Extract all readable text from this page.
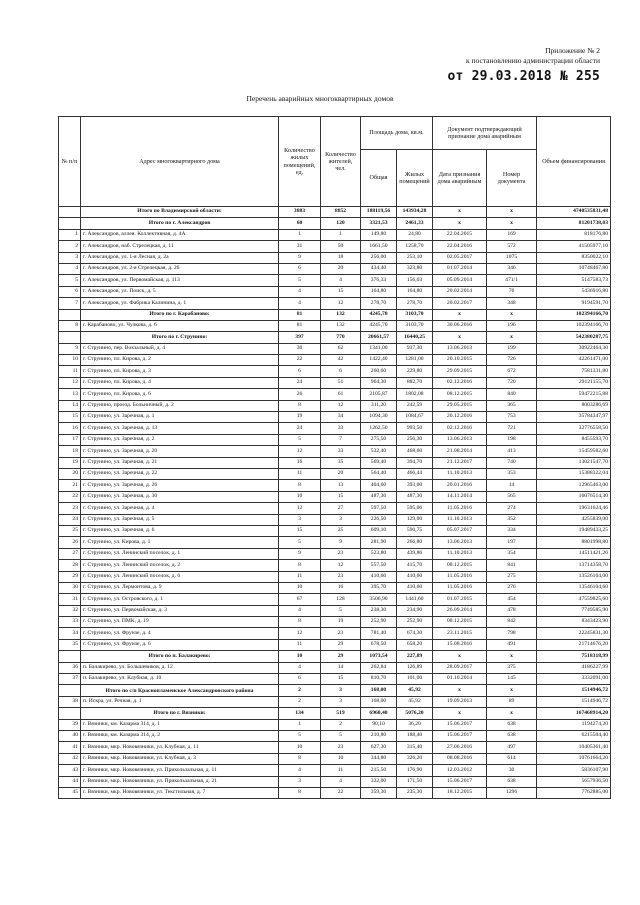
Приложение № 2
к постановлению администрации области
от 29.03.2018 № 255
Перечень аварийных многоквартирных домов
№ п/п	Адрес многоквартирного дома	Количество жилых помещений, ед.	Количество жителей, чел.	Площадь дома, кв.м.		Документ подтверждающий признание дома аварийным		Объем финансирования
				Общая	Жилых помещений	Дата признания дома аварийным	Номер документа	
	Итого по Владимирской области:	3883	8852	188119,56	143934,28	x	x	4740535831,48
	Итого по г. Александров	60	120	3321,53	2461,33	x	x	81201738,03
1	г. Александров, аллея. Коллективная, д. 4А	1	1	149,80	24,80	22.04.2015	169	818176,80
2	г. Александров, наб. Стрелецкая, д. 11	31	50	1661,50	1258,70	22.04.2016	572	41505977,10
3	г. Александров, ул. 1-я Лесная, д. 2а	9	18	256,00	253,10	02.05.2017	1075	8350022,10
4	г. Александров, ул. 2-я Стрелецкая, д. 26	6	20	434,40	323,80	01.07.2014	346	10748467,80
5	г. Александров, ул. Первомайская, д. 113	5	4	376,33	156,03	05.09.2014	471/1	5147583,73
6	г. Александров, ул. Поиск, д. 5	4	15	164,80	164,80	20.02.2014	76	5436916,80
7	г. Александров, ул. Фабрика Калинина, д. 1	4	12	278,70	278,70	20.02.2017	348	9194591,70
	Итого по г. Карабаново:	81	132	4245,70	3103,70	x	x	102394166,70
8	г. Карабаново, ул. Чулкова, д. 6	81	132	4245,70	3103,70	30.06.2016	196	102394166,70
	Итого по г. Струнино:	397	770	20661,57	16440,25	x	x	542380287,75
9	г. Струнино, пер. Вокзальный, д. 4	30	62	1341,00	937,30	13.06.2013	199	30922464,30
10	г. Струнино, пл. Кирова, д. 2	22	42	1422,40	1281,00	20.10.2015	726	42261471,00
11	г. Струнино, пл. Кирова, д. 3	6	6	260,60	229,80	29.09.2015	672	7581331,80
12	г. Струнино, пл. Кирова, д. 4	24	51	964,30	882,70	02.12.2016	720	29121155,70
13	г. Струнино, пл. Кирова, д. 6	26	61	2105,87	1802,08	08.12.2015	840	59472215,88
14	г. Струнино, проезд. Больничный, д. 2	8	12	311,20	242,59	29.05.2015	365	8003286,69
15	г. Струнино, ул. Заречная, д. 1	19	34	1094,30	1084,67	20.12.2016	753	35784347,97
16	г. Струнино, ул. Заречная, д. 13	24	33	1262,50	993,50	02.12.2016	721	32776558,50
17	г. Струнино, ул. Заречная, д. 2	5	7	275,50	256,30	13.06.2013	198	8455593,70
18	г. Струнино, ул. Заречная, д. 20	12	33	532,40	468,60	21.08.2014	413	15459582,60
19	г. Струнино, ул. Заречная, д. 21	16	35	569,40	394,70	21.12.2017	740	13021547,70
20	г. Струнино, ул. Заречная, д. 22	11	20	564,40	466,44	11.10.2013	353	15388322,04
21	г. Струнино, ул. Заречная, д. 26	8	13	404,60	393,00	20.01.2016	14	12965463,00
22	г. Струнино, ул. Заречная, д. 30	10	15	487,30	487,30	14.11.2014	565	16076514,30
23	г. Струнино, ул. Заречная, д. 4	12	27	597,50	595,06	11.05.2016	274	19631624,46
24	г. Струнино, ул. Заречная, д. 5	3	3	226,50	129,00	11.10.2013	352	4255839,00
25	г. Струнино, ул. Заречная, д. 6	15	25	609,10	590,75	05.07.2017	334	19489433,25
26	г. Струнино, ул. Кирова, д. 1	5	9	281,90	266,80	13.06.2013	197	8801998,80
27	г. Струнино, ул. Ленинский поселок, д. 1	9	23	523,80	439,86	11.10.2013	354	14511421,26
28	г. Струнино, ул. Ленинский поселок, д. 2	8	12	557,50	415,70	08.12.2015	841	13714358,70
29	г. Струнино, ул. Ленинский поселок, д. 6	11	23	410,60	410,60	11.05.2016	275	13526104,00
30	г. Струнино, ул. Лермонтова, д. 9	10	16	395,70	410,60	11.05.2016	276	13546104,60
31	г. Струнино, ул. Островского, д. 1	67	128	3506,90	1441,60	01.07.2015	454	47559825,60
32	г. Струнино, ул. Первомайская, д. 3	4	5	238,30	234,90	26.09.2014	478	7749585,90
33	г. Струнино, ул. ПМК, д. 19	8	19	252,90	252,90	08.12.2015	842	8343423,90
34	г. Струнино, ул. Фрунзе, д. 4	12	23	781,40	674,30	23.11.2015	798	22245831,30
35	г. Струнино, ул. Фрунзе, д. 6	11	29	678,50	658,20	15.08.2016	491	21714676,20
	Итого по п. Балакирево:	10	29	1073,54	227,89	x	x	7518318,99
36	п. Балакирево, ул. Большевиков, д. 12	4	14	262,84	126,89	28.09.2017	375	4186227,99
37	п. Балакирево, ул. Клубная, д. 10	6	15	810,70	101,00	01.10.2014	145	3332091,00
	Итого по с/п Краснопламенское Александровского района	2	3	168,00	45,92	x	x	1514946,72
38	п. Искра, ул. Речная, д. 1	2	3	168,00	45,92	19.09.2013	89	1514946,72
	Итого по г. Вязники:	134	519	6960,40	5076,20	x	x	167468914,20
39	г. Вязники, км. Казарма 314, д. 1	1	2	90,10	36,20	15.06.2017	638	1194274,20
40	г. Вязники, км. Казарма 314, д. 2	5	5	210,80	188,40	15.06.2017	638	6215504,40
41	г. Вязники, мкр. Нововязники, ул. Клубная, д. 11	10	23	627,30	315,40	27.06.2016	497	10405361,40
42	г. Вязники, мкр. Нововязники, ул. Клубная, д. 3	8	10	344,80	326,20	08.08.2016	614	10761664,20
43	г. Вязники, мкр. Нововязники, ул. Прикользальная, д. 11	4	11	215,50	176,90	12.03.2012	30	5836107,90
44	г. Вязники, мкр. Нововязники, ул. Прикользальная, д. 21	3	4	332,00	171,50	15.06.2017	638	5657936,50
45	г. Вязники, мкр. Нововязники, ул. Текстильная, д. 7	8	22	359,30	235,30	18.12.2015	1296	7762885,00
